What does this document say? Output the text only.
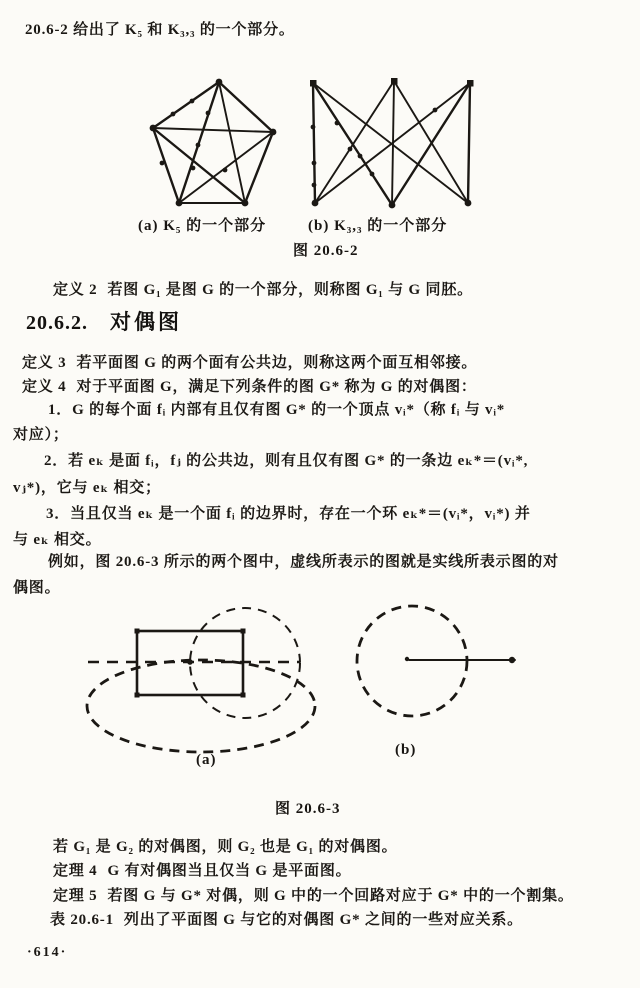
20.6-2 给出了 K₅ 和 K₃,₃ 的一个部分。
(a) K₅ 的一个部分	(b) K₃,₃ 的一个部分
图 20.6-2
定义 2 若图 G₁ 是图 G 的一个部分，则称图 G₁ 与 G 同胚。
20.6.2. 对偶图
定义 3 若平面图 G 的两个面有公共边，则称这两个面互相邻接。
定义 4 对于平面图 G，满足下列条件的图 G* 称为 G 的对偶图：
1．G 的每个面 fᵢ 内部有且仅有图 G* 的一个顶点 vᵢ*（称 fᵢ 与 vᵢ*
对应）；
2．若 eₖ 是面 fᵢ，fⱼ 的公共边，则有且仅有图 G* 的一条边 eₖ*＝(vᵢ*,
vⱼ*)，它与 eₖ 相交；
3．当且仅当 eₖ 是一个面 fᵢ 的边界时，存在一个环 eₖ*＝(vᵢ*，vᵢ*) 并
与 eₖ 相交。
例如，图 20.6-3 所示的两个图中，虚线所表示的图就是实线所表示图的对
偶图。
(a)
(b)
图 20.6-3
若 G₁ 是 G₂ 的对偶图，则 G₂ 也是 G₁ 的对偶图。
定理 4 G 有对偶图当且仅当 G 是平面图。
定理 5 若图 G 与 G* 对偶，则 G 中的一个回路对应于 G* 中的一个割集。
表 20.6-1 列出了平面图 G 与它的对偶图 G* 之间的一些对应关系。
·614·
